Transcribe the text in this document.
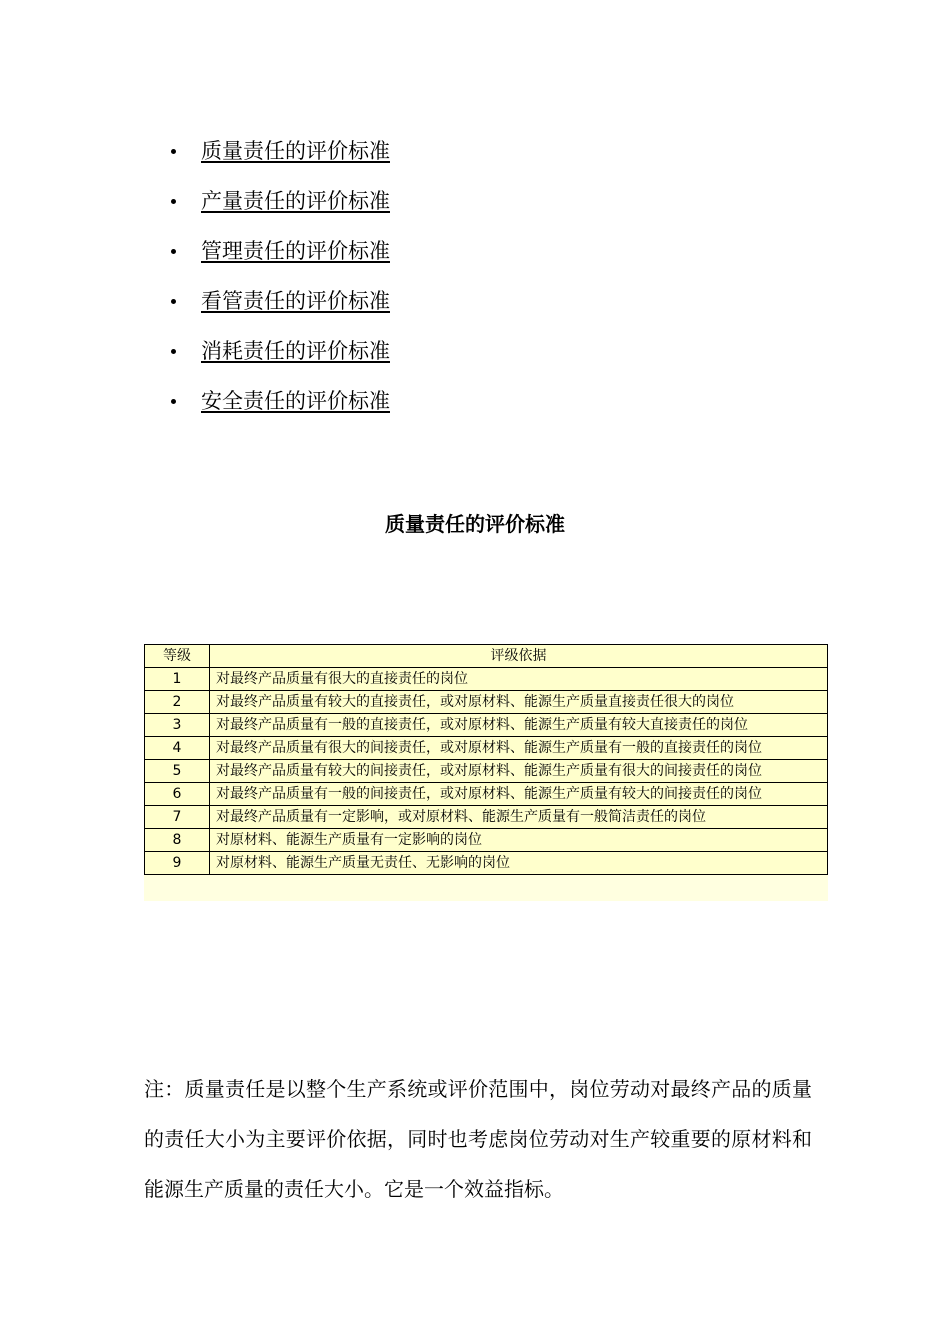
质量责任的评价标准
产量责任的评价标准
管理责任的评价标准
看管责任的评价标准
消耗责任的评价标准
安全责任的评价标准
质量责任的评价标准
等级	评级依据
1	对最终产品质量有很大的直接责任的岗位
2	对最终产品质量有较大的直接责任，或对原材料、能源生产质量直接责任很大的岗位
3	对最终产品质量有一般的直接责任，或对原材料、能源生产质量有较大直接责任的岗位
4	对最终产品质量有很大的间接责任，或对原材料、能源生产质量有一般的直接责任的岗位
5	对最终产品质量有较大的间接责任，或对原材料、能源生产质量有很大的间接责任的岗位
6	对最终产品质量有一般的间接责任，或对原材料、能源生产质量有较大的间接责任的岗位
7	对最终产品质量有一定影响，或对原材料、能源生产质量有一般简洁责任的岗位
8	对原材料、能源生产质量有一定影响的岗位
9	对原材料、能源生产质量无责任、无影响的岗位

注：质量责任是以整个生产系统或评价范围中，岗位劳动对最终产品的质量的责任大小为主要评价依据，同时也考虑岗位劳动对生产较重要的原材料和能源生产质量的责任大小。它是一个效益指标。
